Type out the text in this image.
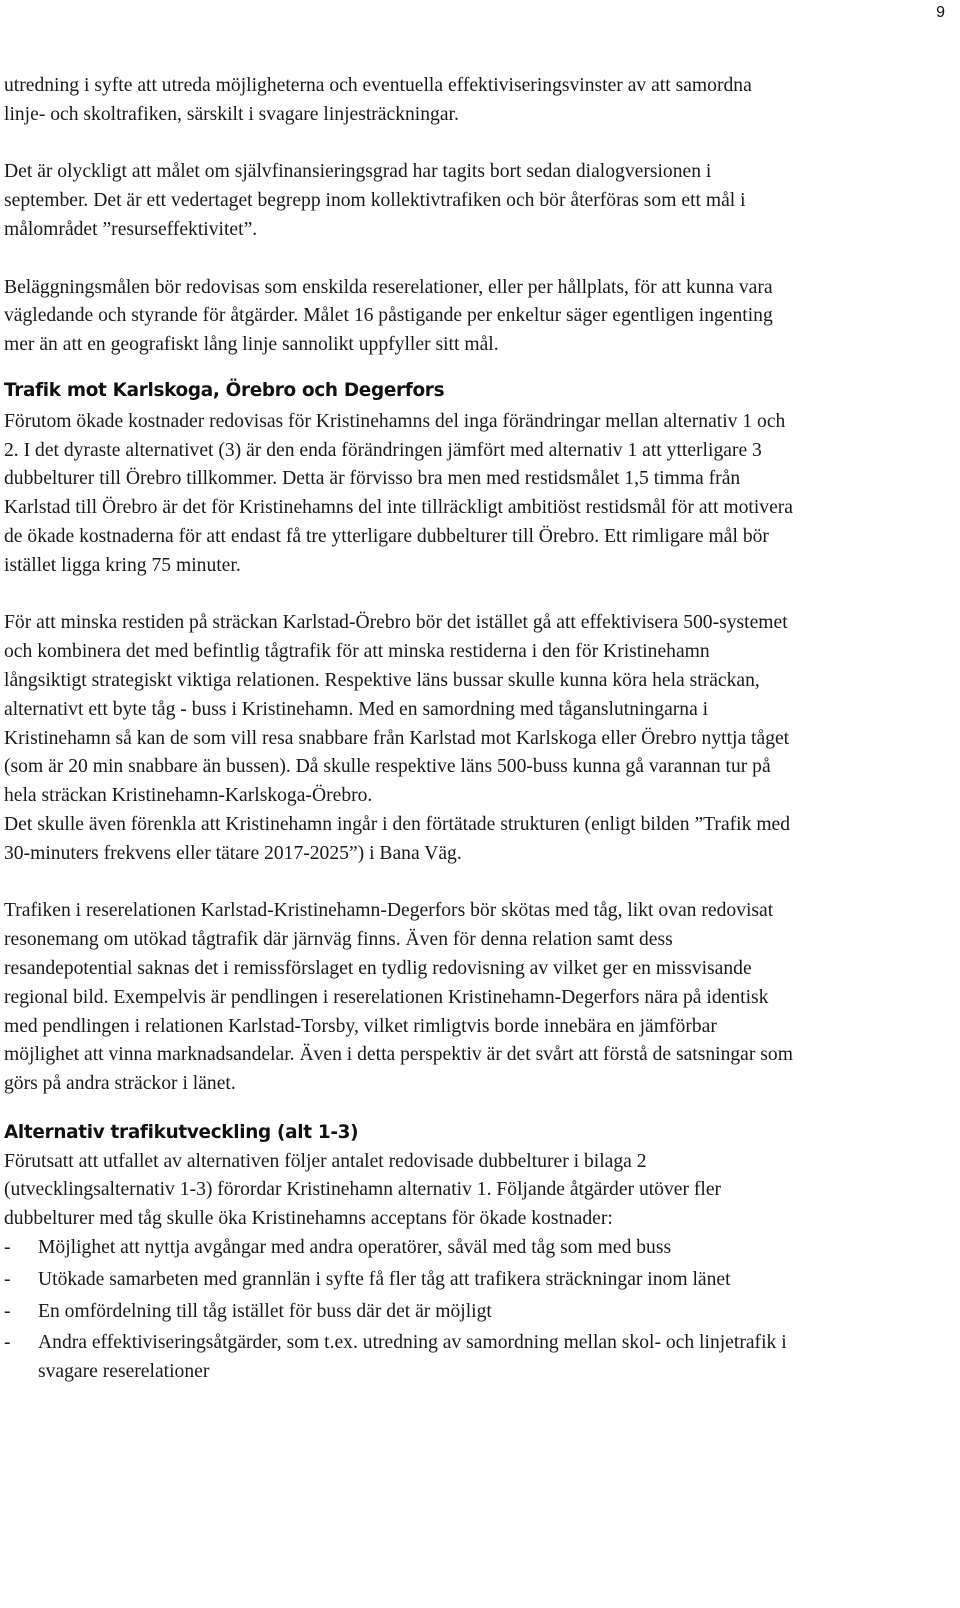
9

utredning i syfte att utreda möjligheterna och eventuella effektiviseringsvinster av att samordna linje- och skoltrafiken, särskilt i svagare linjesträckningar.

Det är olyckligt att målet om självfinansieringsgrad har tagits bort sedan dialogversionen i september. Det är ett vedertaget begrepp inom kollektivtrafiken och bör återföras som ett mål i målområdet ”resurseffektivitet”.

Beläggningsmålen bör redovisas som enskilda reserelationer, eller per hållplats, för att kunna vara vägledande och styrande för åtgärder. Målet 16 påstigande per enkeltur säger egentligen ingenting mer än att en geografiskt lång linje sannolikt uppfyller sitt mål.

Trafik mot Karlskoga, Örebro och Degerfors

Förutom ökade kostnader redovisas för Kristinehamns del inga förändringar mellan alternativ 1 och 2. I det dyraste alternativet (3) är den enda förändringen jämfört med alternativ 1 att ytterligare 3 dubbelturer till Örebro tillkommer. Detta är förvisso bra men med restidsmålet 1,5 timma från Karlstad till Örebro är det för Kristinehamns del inte tillräckligt ambitiöst restidsmål för att motivera de ökade kostnaderna för att endast få tre ytterligare dubbelturer till Örebro. Ett rimligare mål bör istället ligga kring 75 minuter.

För att minska restiden på sträckan Karlstad-Örebro bör det istället gå att effektivisera 500-systemet och kombinera det med befintlig tågtrafik för att minska restiderna i den för Kristinehamn långsiktigt strategiskt viktiga relationen. Respektive läns bussar skulle kunna köra hela sträckan, alternativt ett byte tåg - buss i Kristinehamn. Med en samordning med tåganslutningarna i Kristinehamn så kan de som vill resa snabbare från Karlstad mot Karlskoga eller Örebro nyttja tåget (som är 20 min snabbare än bussen). Då skulle respektive läns 500-buss kunna gå varannan tur på hela sträckan Kristinehamn-Karlskoga-Örebro.

Det skulle även förenkla att Kristinehamn ingår i den förtätade strukturen (enligt bilden ”Trafik med 30-minuters frekvens eller tätare 2017-2025”) i Bana Väg.

Trafiken i reserelationen Karlstad-Kristinehamn-Degerfors bör skötas med tåg, likt ovan redovisat resonemang om utökad tågtrafik där järnväg finns. Även för denna relation samt dess resandepotential saknas det i remissförslaget en tydlig redovisning av vilket ger en missvisande regional bild. Exempelvis är pendlingen i reserelationen Kristinehamn-Degerfors nära på identisk med pendlingen i relationen Karlstad-Torsby, vilket rimligtvis borde innebära en jämförbar möjlighet att vinna marknadsandelar. Även i detta perspektiv är det svårt att förstå de satsningar som görs på andra sträckor i länet.

Alternativ trafikutveckling (alt 1-3)

Förutsatt att utfallet av alternativen följer antalet redovisade dubbelturer i bilaga 2 (utvecklingsalternativ 1-3) förordar Kristinehamn alternativ 1. Följande åtgärder utöver fler dubbelturer med tåg skulle öka Kristinehamns acceptans för ökade kostnader:

- Möjlighet att nyttja avgångar med andra operatörer, såväl med tåg som med buss
- Utökade samarbeten med grannlän i syfte få fler tåg att trafikera sträckningar inom länet
- En omfördelning till tåg istället för buss där det är möjligt
- Andra effektiviseringsåtgärder, som t.ex. utredning av samordning mellan skol- och linjetrafik i svagare reserelationer
